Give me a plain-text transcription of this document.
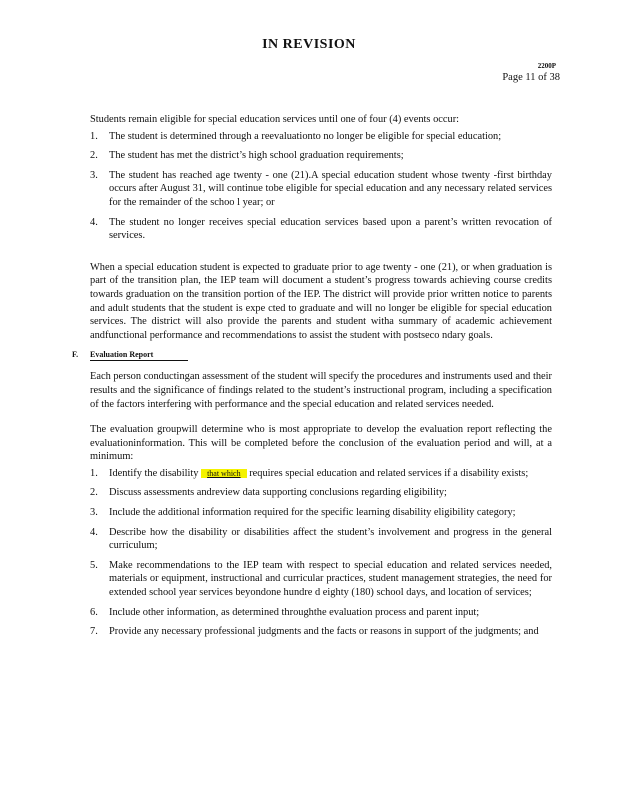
IN REVISION
2200P
Page 11 of 38

Students remain eligible for special education services until one of four (4) events occur:

1. The student is determined through a reevaluationto no longer be eligible for special education;
2. The student has met the district’s high school graduation requirements;
3. The student has reached age twenty - one (21).A special education student whose twenty -first birthday occurs after August 31, will continue tobe eligible for special education and any necessary related services for the remainder of the schoo l year; or
4. The student no longer receives special education services based upon a parent’s written revocation of services.

When a special education student is expected to graduate prior to age twenty - one (21), or when graduation is part of the transition plan, the IEP team will document a student’s progress towards achieving course credits towards graduation on the transition portion of the IEP. The district will provide prior written notice to parents and adult students that the student is expe cted to graduate and will no longer be eligible for special education services. The district will also provide the parents and student witha summary of academic achievement andfunctional performance and recommendations to assist the student with postseco ndary goals.

F. Evaluation Report

Each person conductingan assessment of the student will specify the procedures and instruments used and their results and the significance of findings related to the student’s instructional program, including a specification of the factors interfering with performance and the special education and related services needed.

The evaluation groupwill determine who is most appropriate to develop the evaluation report reflecting the evaluationinformation. This will be completed before the conclusion of the evaluation period and will, at a minimum:

1. Identify the disability that which requires special education and related services if a disability exists;
2. Discuss assessments andreview data supporting conclusions regarding eligibility;
3. Include the additional information required for the specific learning disability eligibility category;
4. Describe how the disability or disabilities affect the student’s involvement and progress in the general curriculum;
5. Make recommendations to the IEP team with respect to special education and related services needed, materials or equipment, instructional and curricular practices, student management strategies, the need for extended school year services beyondone hundre d eighty (180) school days, and location of services;
6. Include other information, as determined throughthe evaluation process and parent input;
7. Provide any necessary professional judgments and the facts or reasons in support of the judgments; and
